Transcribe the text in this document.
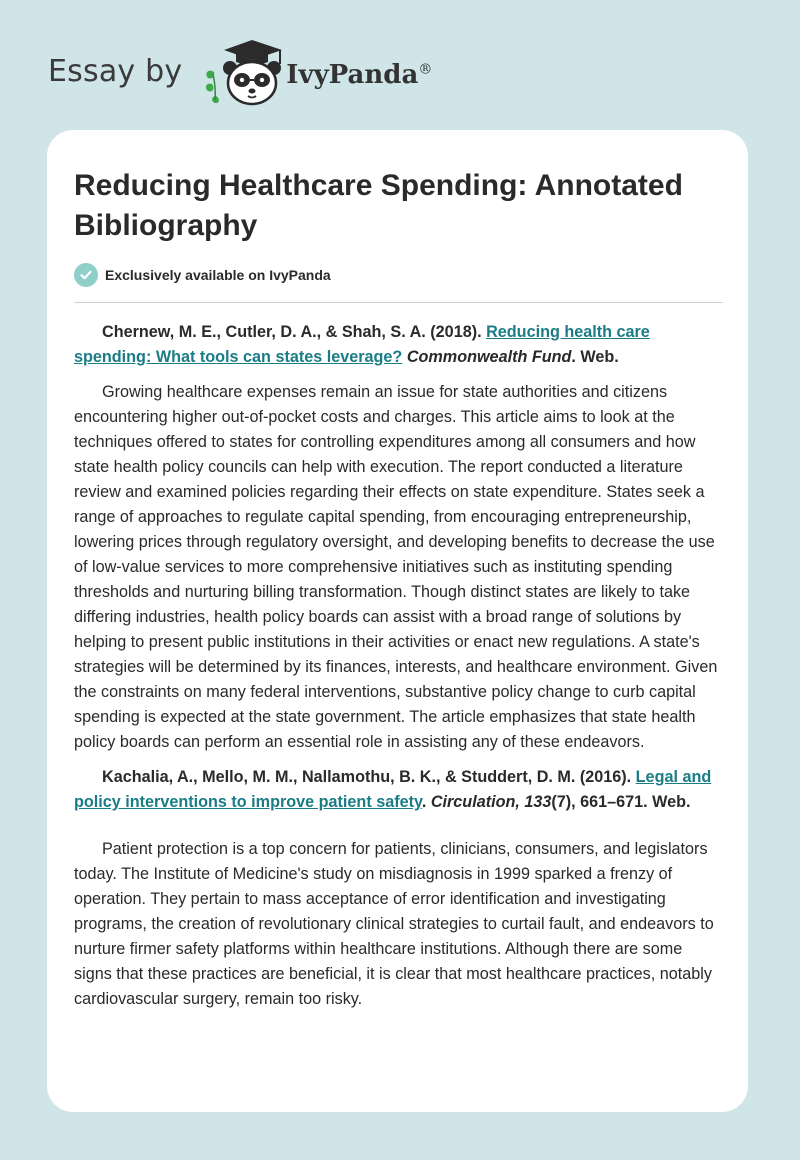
Essay by	IvyPanda®
Reducing Healthcare Spending: Annotated Bibliography
Exclusively available on IvyPanda

Chernew, M. E., Cutler, D. A., & Shah, S. A. (2018). Reducing health care spending: What tools can states leverage? Commonwealth Fund. Web.

Growing healthcare expenses remain an issue for state authorities and citizens encountering higher out-of-pocket costs and charges. This article aims to look at the techniques offered to states for controlling expenditures among all consumers and how state health policy councils can help with execution. The report conducted a literature review and examined policies regarding their effects on state expenditure. States seek a range of approaches to regulate capital spending, from encouraging entrepreneurship, lowering prices through regulatory oversight, and developing benefits to decrease the use of low-value services to more comprehensive initiatives such as instituting spending thresholds and nurturing billing transformation. Though distinct states are likely to take differing industries, health policy boards can assist with a broad range of solutions by helping to present public institutions in their activities or enact new regulations. A state's strategies will be determined by its finances, interests, and healthcare environment. Given the constraints on many federal interventions, substantive policy change to curb capital spending is expected at the state government. The article emphasizes that state health policy boards can perform an essential role in assisting any of these endeavors.

Kachalia, A., Mello, M. M., Nallamothu, B. K., & Studdert, D. M. (2016). Legal and policy interventions to improve patient safety. Circulation, 133(7), 661–671. Web.

Patient protection is a top concern for patients, clinicians, consumers, and legislators today. The Institute of Medicine's study on misdiagnosis in 1999 sparked a frenzy of operation. They pertain to mass acceptance of error identification and investigating programs, the creation of revolutionary clinical strategies to curtail fault, and endeavors to nurture firmer safety platforms within healthcare institutions. Although there are some signs that these practices are beneficial, it is clear that most healthcare practices, notably cardiovascular surgery, remain too risky.
